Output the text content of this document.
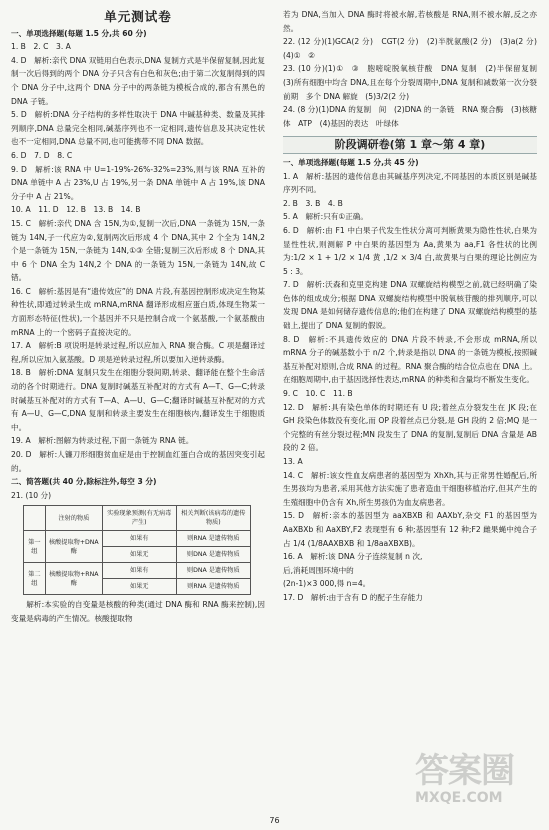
单元测试卷
一、单项选择题(每题 1.5 分,共 60 分)

1. B　2. C　3. A

4. D　解析:亲代 DNA 双链用白色表示,DNA 复制方式是半保留复制,因此复制一次后得到的两个 DNA 分子只含有白色和灰色;由于第二次复制得到的四个 DNA 分子中,这两个 DNA 分子中的两条链为模板合成的,都含有黑色的 DNA 子链。

5. D　解析:DNA 分子结构的多样性取决于 DNA 中碱基种类、数量及其排列顺序,DNA 总量完全相同,碱基序列也不一定相同,遗传信息及其决定性状也不一定相同,DNA 总量不同,也可能携带不同 DNA 数据。

6. D　7. D　8. C

9. D　解析:该 RNA 中 U=1-19%-26%-32%=23%,则与该 RNA 互补的 DNA 单链中 A 占 23%,U 占 19%,另一条 DNA 单链中 A 占 19%,该 DNA 分子中 A 占 21%。

10. A　11. D　12. B　13. B　14. B

15. C　解析:亲代 DNA 含 15N,为①,复制一次后,DNA 一条链为 15N,一条链为 14N,子一代应为②,复制两次后形成 4 个 DNA,其中 2 个全为 14N,2 个是一条链为 15N,一条链为 14N,①③ 全错;复制三次后形成 8 个 DNA,其中 6 个 DNA 全为 14N,2 个 DNA 的一条链为 15N,一条链为 14N,故 C 错。

16. C　解析:基因是有“遗传效应”的 DNA 片段,有基因控制形成决定生物某种性状,即通过转录生成 mRNA,mRNA 翻译形成相应蛋白质,体现生物某一方面形态特征(性状),一个基因并不只是控制合成一个氨基酸,一个氨基酸由 mRNA 上的一个密码子直接决定的。

17. A　解析:B 项说明是转录过程,所以应加入 RNA 聚合酶。C 项是翻译过程,所以应加入氨基酸。D 项是逆转录过程,所以要加入逆转录酶。

18. B　解析:DNA 复制只发生在细胞分裂间期,转录、翻译能在整个生命活动的各个时期进行。DNA 复制时碱基互补配对的方式有 A—T、G—C;转录时碱基互补配对的方式有 T—A、A—U、G—C;翻译时碱基互补配对的方式有 A—U、G—C,DNA 复制和转录主要发生在细胞核内,翻译发生于细胞质中。

19. A　解析:图解为转录过程,下面一条链为 RNA 链。

20. D　解析:人镰刀形细胞贫血症是由于控制血红蛋白合成的基因突变引起的。

二、简答题(共 40 分,除标注外,每空 3 分)

21. (10 分)

	注射的物质	实验现象预测(有无病毒产生)	相关判断(该病毒的遗传物质)
第一组	核酸提取物+DNA 酶	如果有	则RNA 是遗传物质
		如果无	则DNA 是遗传物质
第二组	核酸提取物+RNA 酶	如果有	则DNA 是遗传物质
		如果无	则RNA 是遗传物质

解析:本实验的自变量是核酸的种类(通过 DNA 酶和 RNA 酶来控制),因变量是病毒的产生情况。核酸提取物

若为 DNA,当加入 DNA 酶时将被水解,若核酸是 RNA,则不被水解,反之亦然。

22. (12 分)(1)GCA(2 分)　CGT(2 分)　(2)半胱氨酸(2 分)　(3)a(2 分)　(4)①　②

23. (10 分)(1)①　③　胞嘧啶脱氧核苷酸　DNA 复制　(2)半保留复制　(3)所有细胞中均含 DNA,且在每个分裂周期中,DNA 复制和减数第一次分裂前期　多个 DNA 解旋　(5)3/2(2 分)

24. (8 分)(1)DNA 的复制　间　(2)DNA 的一条链　RNA 聚合酶　(3)核糖体　ATP　(4)基因的表达　叶绿体

阶段调研卷(第 1 章～第 4 章)
一、单项选择题(每题 1.5 分,共 45 分)

1. A　解析:基因的遗传信息由其碱基序列决定,不同基因的本质区别是碱基序列不同。

2. B　3. B　4. B

5. A　解析:只有①正确。

6. D　解析:由 F1 中白果子代发生性状分离可判断黄果为隐性性状,白果为显性性状,则测解 P 中白果的基因型为 Aa,黄果为 aa,F1 各性状的比例为:1/2 × 1 + 1/2 × 1/4 黄 ,1/2 × 3/4 白,故黄果与白果的理论比例应为 5 : 3。

7. D　解析:沃森和克里克构建 DNA 双螺旋结构模型之前,就已经明确了染色体的组成成分;根据 DNA 双螺旋结构模型中脱氧核苷酸的排列顺序,可以发现 DNA 是如何储存遗传信息的;他们在构建了 DNA 双螺旋结构模型的基础上,提出了 DNA 复制的假说。

8. D　解析:不具遗传效应的 DNA 片段不转录,不会形成 mRNA,所以 mRNA 分子的碱基数小于 n/2 个,转录是指以 DNA 的一条链为模板,按照碱基互补配对原则,合成 RNA 的过程。RNA 聚合酶的结合位点也在 DNA 上。在细胞周期中,由于基因选择性表达,mRNA 的种类和含量均不断发生变化。

9. C　10. C　11. B

12. D　解析:具有染色单体的时期还有 U 段;着丝点分裂发生在 JK 段;在 GH 段染色体数没有变化,而 OP 段着丝点已分裂,是 GH 段的 2 倍;MQ 是一个完整的有丝分裂过程;MN 段发生了 DNA 的复制,复制后 DNA 含量是 AB 段的 2 倍。

13. A

14. C　解析:该女性血友病患者的基因型为 XhXh,其与正常男性婚配后,所生男孩均为患者,采用其他方法实施了患者造血干细胞移植治疗,但其产生的生殖细胞中仍含有 Xh,所生男孩仍为血友病患者。

15. D　解析:亲本的基因型为 aaXBXB 和 AAXbY,杂交 F1 的基因型为 AaXBXb 和 AaXBY,F2 表现型有 6 种;基因型有 12 种;F2 雌果蝇中纯合子占 1/4 (1/8AAXBXB 和 1/8aaXBXB)。

16. A　解析:该 DNA 分子连续复制 n 次,

后,消耗周围环境中的

(2n-1)×3 000,得 n=4。

17. D　解析:由于含有 D 的配子生存能力

76
答案圈
MXQE.COM
